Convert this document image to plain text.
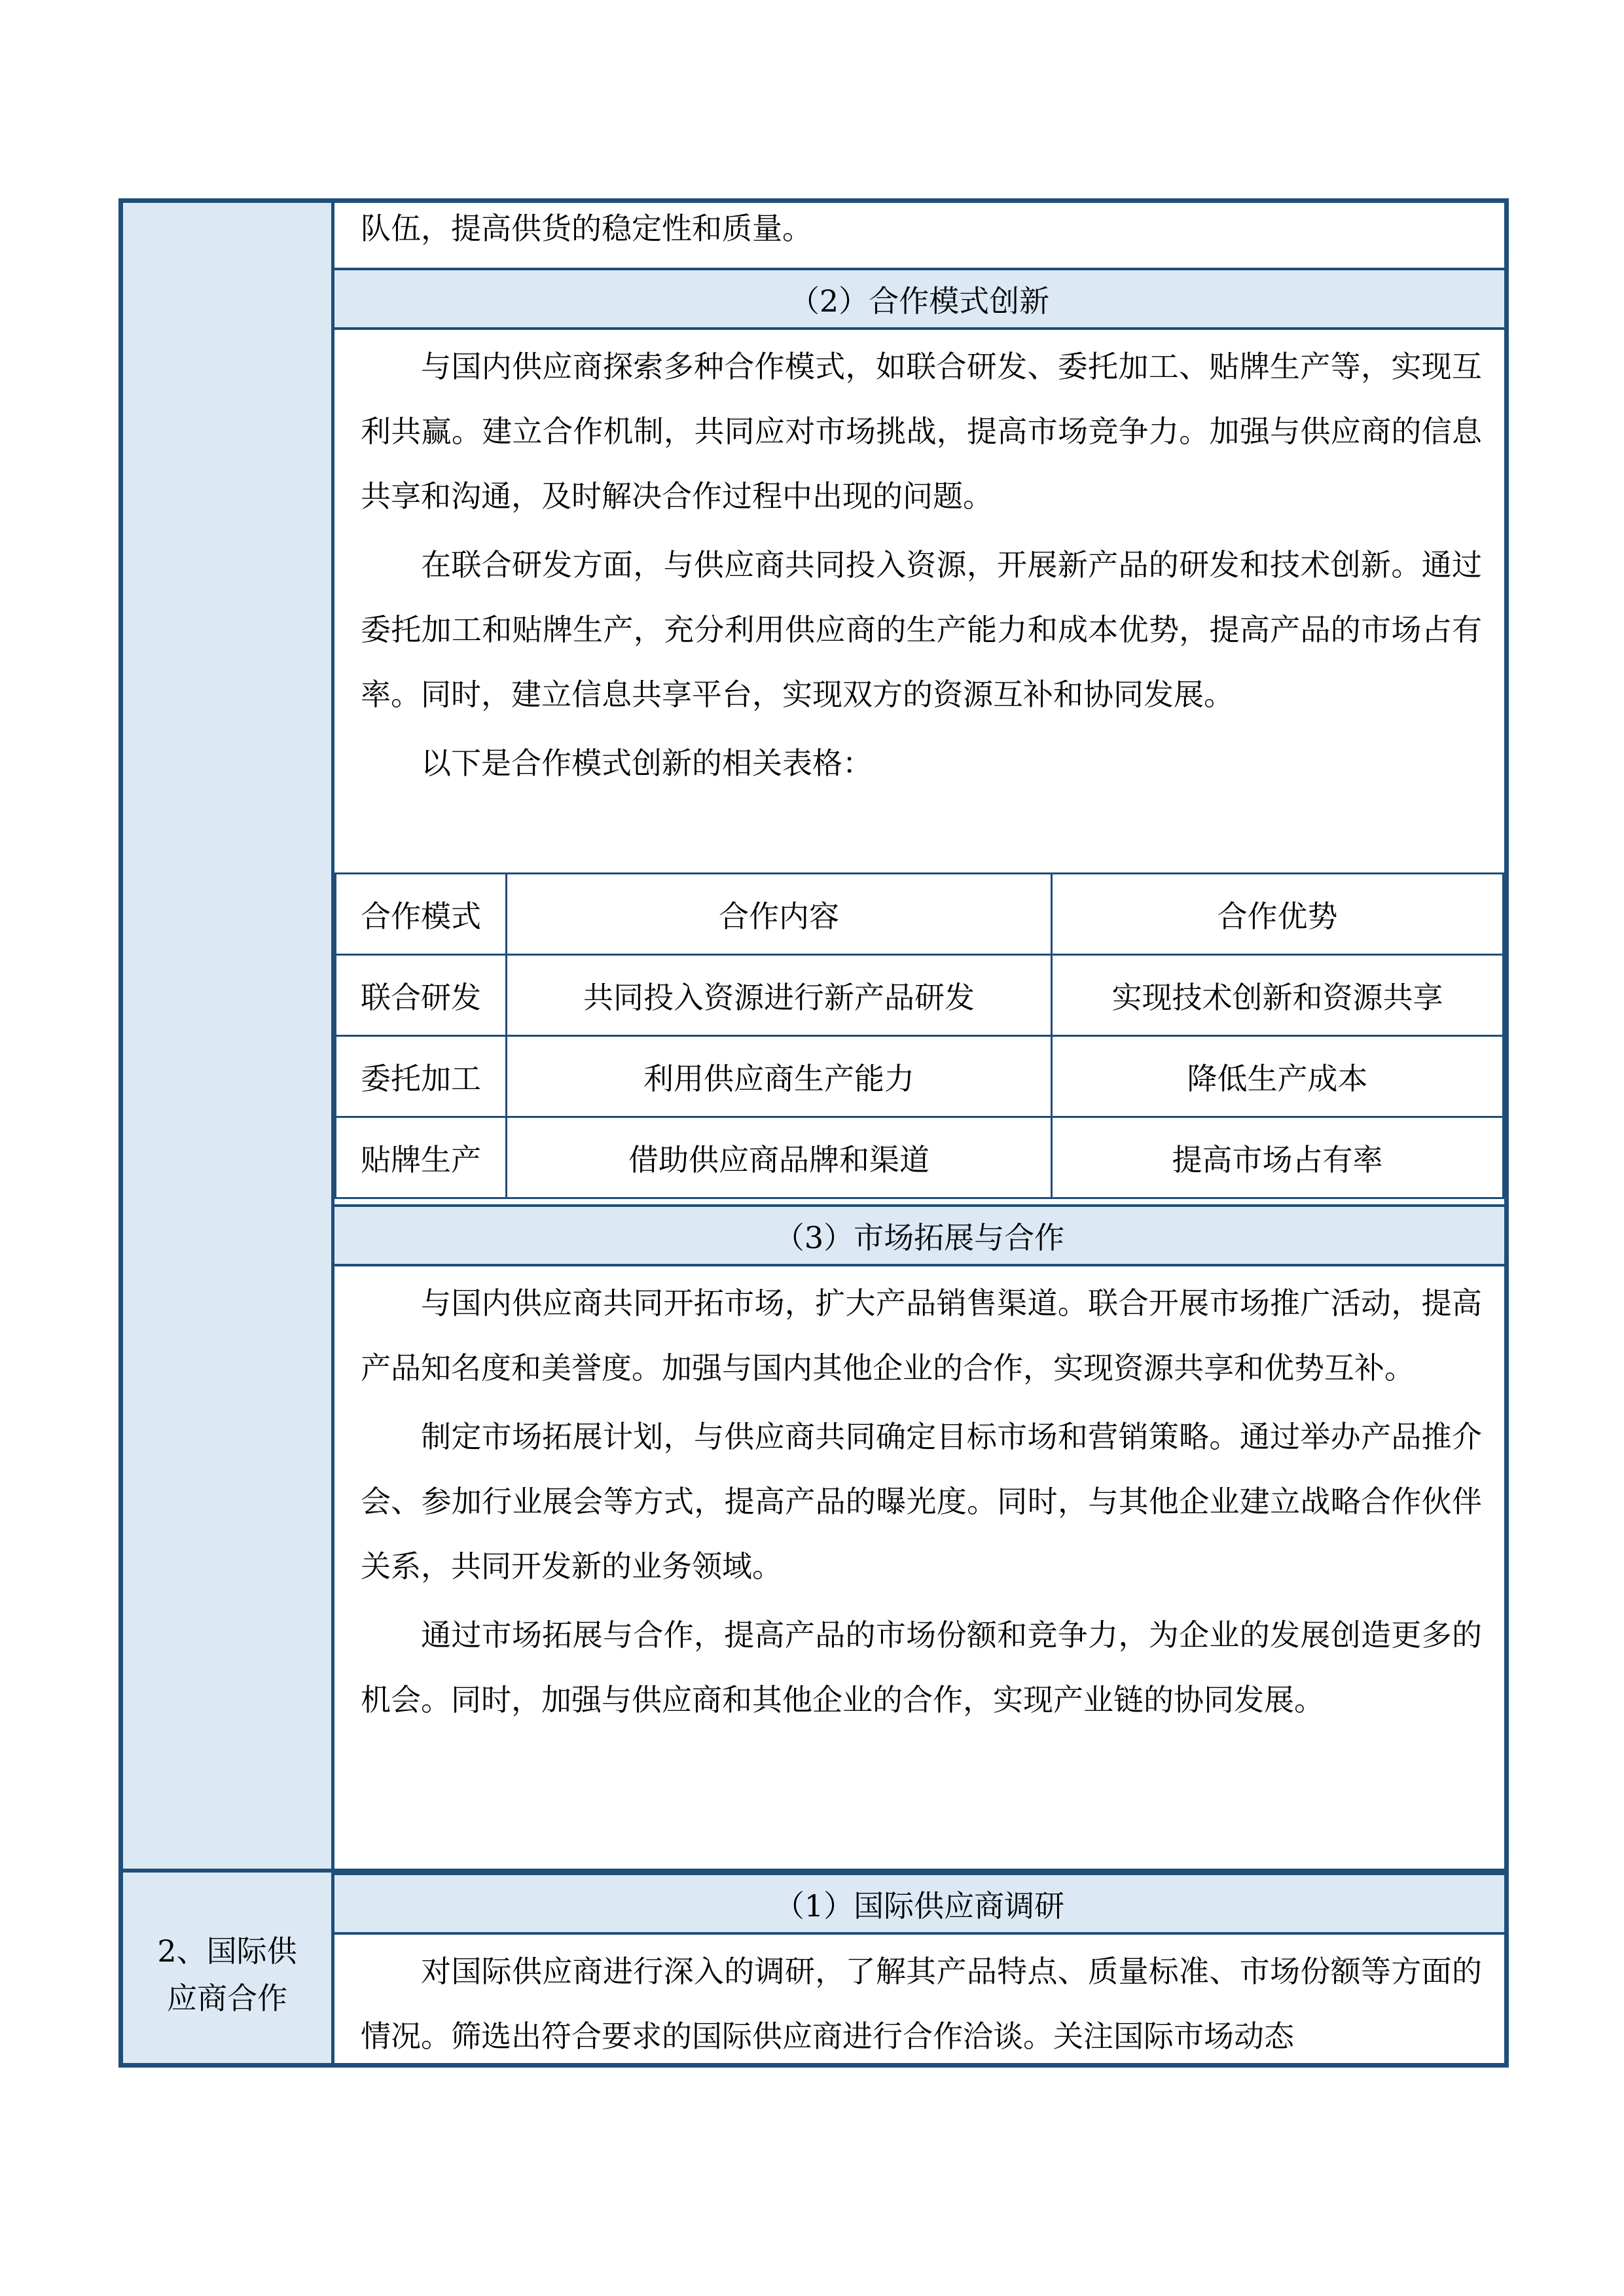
2、国际供
应商合作

队伍，提高供货的稳定性和质量。

（2）合作模式创新

与国内供应商探索多种合作模式，如联合研发、委托加工、贴牌生产等，实现互利共赢。建立合作机制，共同应对市场挑战，提高市场竞争力。加强与供应商的信息共享和沟通，及时解决合作过程中出现的问题。

在联合研发方面，与供应商共同投入资源，开展新产品的研发和技术创新。通过委托加工和贴牌生产，充分利用供应商的生产能力和成本优势，提高产品的市场占有率。同时，建立信息共享平台，实现双方的资源互补和协同发展。

以下是合作模式创新的相关表格：

合作模式	合作内容	合作优势
联合研发	共同投入资源进行新产品研发	实现技术创新和资源共享
委托加工	利用供应商生产能力	降低生产成本
贴牌生产	借助供应商品牌和渠道	提高市场占有率
（3）市场拓展与合作

与国内供应商共同开拓市场，扩大产品销售渠道。联合开展市场推广活动，提高产品知名度和美誉度。加强与国内其他企业的合作，实现资源共享和优势互补。

制定市场拓展计划，与供应商共同确定目标市场和营销策略。通过举办产品推介会、参加行业展会等方式，提高产品的曝光度。同时，与其他企业建立战略合作伙伴关系，共同开发新的业务领域。

通过市场拓展与合作，提高产品的市场份额和竞争力，为企业的发展创造更多的机会。同时，加强与供应商和其他企业的合作，实现产业链的协同发展。

（1）国际供应商调研

对国际供应商进行深入的调研，了解其产品特点、质量标准、市场份额等方面的情况。筛选出符合要求的国际供应商进行合作洽谈。关注国际市场动态
